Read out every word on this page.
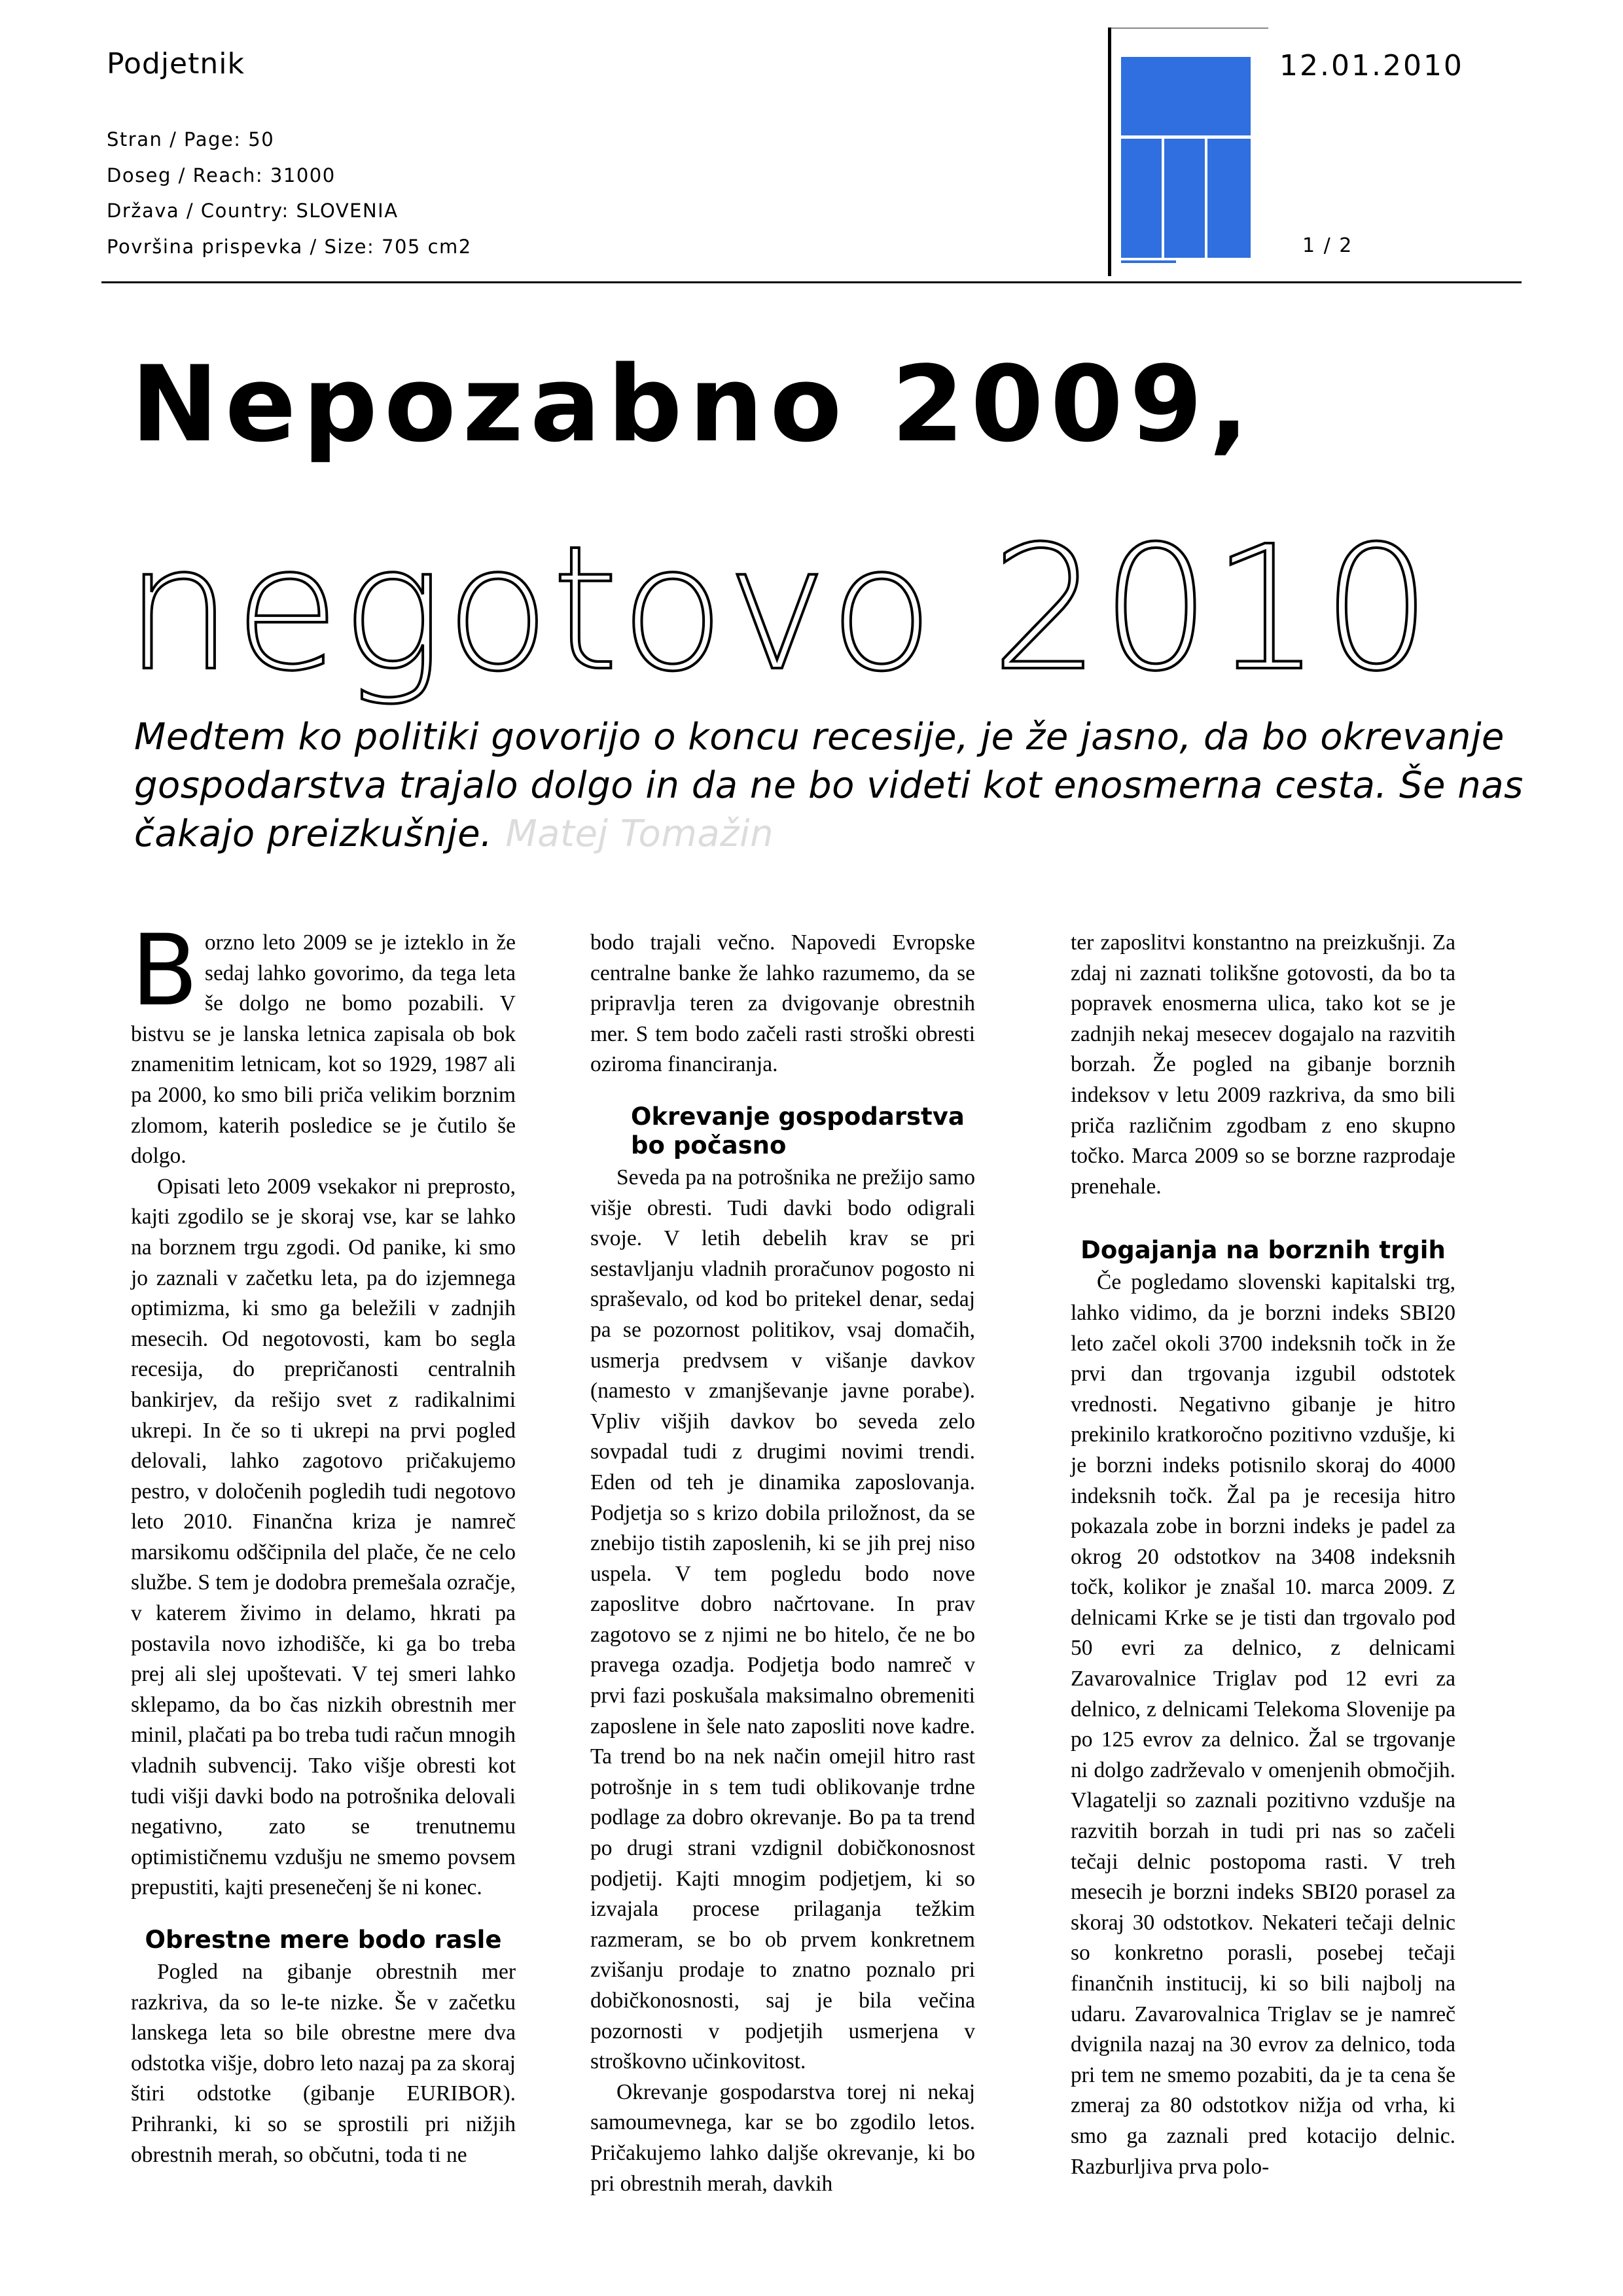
Podjetnik	12.01.2010
Stran / Page: 50
Doseg / Reach: 31000
Država / Country: SLOVENIA
Površina prispevka / Size: 705 cm2	1 / 2
Nepozabno 2009,
negotovo 2010
Medtem ko politiki govorijo o koncu recesije, je že jasno, da bo okrevanje gospodarstva trajalo dolgo in da ne bo videti kot enosmerna cesta. Še nas čakajo preizkušnje. Matej Tomažin

Borzno leto 2009 se je izteklo in že sedaj lahko govorimo, da tega leta še dolgo ne bomo pozabili. V bistvu se je lanska letnica zapisala ob bok znamenitim letnicam, kot so 1929, 1987 ali pa 2000, ko smo bili priča velikim borznim zlomom, katerih posledice se je čutilo še dolgo.

Opisati leto 2009 vsekakor ni preprosto, kajti zgodilo se je skoraj vse, kar se lahko na borznem trgu zgodi. Od panike, ki smo jo zaznali v začetku leta, pa do izjemnega optimizma, ki smo ga beležili v zadnjih mesecih. Od negotovosti, kam bo segla recesija, do prepričanosti centralnih bankirjev, da rešijo svet z radikalnimi ukrepi. In če so ti ukrepi na prvi pogled delovali, lahko zagotovo pričakujemo pestro, v določenih pogledih tudi negotovo leto 2010. Finančna kriza je namreč marsikomu odščipnila del plače, če ne celo službe. S tem je dodobra premešala ozračje, v katerem živimo in delamo, hkrati pa postavila novo izhodišče, ki ga bo treba prej ali slej upoštevati. V tej smeri lahko sklepamo, da bo čas nizkih obrestnih mer minil, plačati pa bo treba tudi račun mnogih vladnih subvencij. Tako višje obresti kot tudi višji davki bodo na potrošnika delovali negativno, zato se trenutnemu optimističnemu vzdušju ne smemo povsem prepustiti, kajti presenečenj še ni konec.

Obrestne mere bodo rasle

Pogled na gibanje obrestnih mer razkriva, da so le-te nizke. Še v začetku lanskega leta so bile obrestne mere dva odstotka višje, dobro leto nazaj pa za skoraj štiri odstotke (gibanje EURIBOR). Prihranki, ki so se sprostili pri nižjih obrestnih merah, so občutni, toda ti ne

bodo trajali večno. Napovedi Evropske centralne banke že lahko razumemo, da se pripravlja teren za dvigovanje obrestnih mer. S tem bodo začeli rasti stroški obresti oziroma financiranja.

Okrevanje gospodarstva bo počasno

Seveda pa na potrošnika ne prežijo samo višje obresti. Tudi davki bodo odigrali svoje. V letih debelih krav se pri sestavljanju vladnih proračunov pogosto ni spraševalo, od kod bo pritekel denar, sedaj pa se pozornost politikov, vsaj domačih, usmerja predvsem v višanje davkov (namesto v zmanjševanje javne porabe). Vpliv višjih davkov bo seveda zelo sovpadal tudi z drugimi novimi trendi. Eden od teh je dinamika zaposlovanja. Podjetja so s krizo dobila priložnost, da se znebijo tistih zaposlenih, ki se jih prej niso uspela. V tem pogledu bodo nove zaposlitve dobro načrtovane. In prav zagotovo se z njimi ne bo hitelo, če ne bo pravega ozadja. Podjetja bodo namreč v prvi fazi poskušala maksimalno obremeniti zaposlene in šele nato zaposliti nove kadre. Ta trend bo na nek način omejil hitro rast potrošnje in s tem tudi oblikovanje trdne podlage za dobro okrevanje. Bo pa ta trend po drugi strani vzdignil dobičkonosnost podjetij. Kajti mnogim podjetjem, ki so izvajala procese prilaganja težkim razmeram, se bo ob prvem konkretnem zvišanju prodaje to znatno poznalo pri dobičkonosnosti, saj je bila večina pozornosti v podjetjih usmerjena v stroškovno učinkovitost.

Okrevanje gospodarstva torej ni nekaj samoumevnega, kar se bo zgodilo letos. Pričakujemo lahko daljše okrevanje, ki bo pri obrestnih merah, davkih

ter zaposlitvi konstantno na preizkušnji. Za zdaj ni zaznati tolikšne gotovosti, da bo ta popravek enosmerna ulica, tako kot se je zadnjih nekaj mesecev dogajalo na razvitih borzah. Že pogled na gibanje borznih indeksov v letu 2009 razkriva, da smo bili priča različnim zgodbam z eno skupno točko. Marca 2009 so se borzne razprodaje prenehale.

Dogajanja na borznih trgih

Če pogledamo slovenski kapitalski trg, lahko vidimo, da je borzni indeks SBI20 leto začel okoli 3700 indeksnih točk in že prvi dan trgovanja izgubil odstotek vrednosti. Negativno gibanje je hitro prekinilo kratkoročno pozitivno vzdušje, ki je borzni indeks potisnilo skoraj do 4000 indeksnih točk. Žal pa je recesija hitro pokazala zobe in borzni indeks je padel za okrog 20 odstotkov na 3408 indeksnih točk, kolikor je znašal 10. marca 2009. Z delnicami Krke se je tisti dan trgovalo pod 50 evri za delnico, z delnicami Zavarovalnice Triglav pod 12 evri za delnico, z delnicami Telekoma Slovenije pa po 125 evrov za delnico. Žal se trgovanje ni dolgo zadrževalo v omenjenih območjih. Vlagatelji so zaznali pozitivno vzdušje na razvitih borzah in tudi pri nas so začeli tečaji delnic postopoma rasti. V treh mesecih je borzni indeks SBI20 porasel za skoraj 30 odstotkov. Nekateri tečaji delnic so konkretno porasli, posebej tečaji finančnih institucij, ki so bili najbolj na udaru. Zavarovalnica Triglav se je namreč dvignila nazaj na 30 evrov za delnico, toda pri tem ne smemo pozabiti, da je ta cena še zmeraj za 80 odstotkov nižja od vrha, ki smo ga zaznali pred kotacijo delnic. Razburljiva prva polo-
